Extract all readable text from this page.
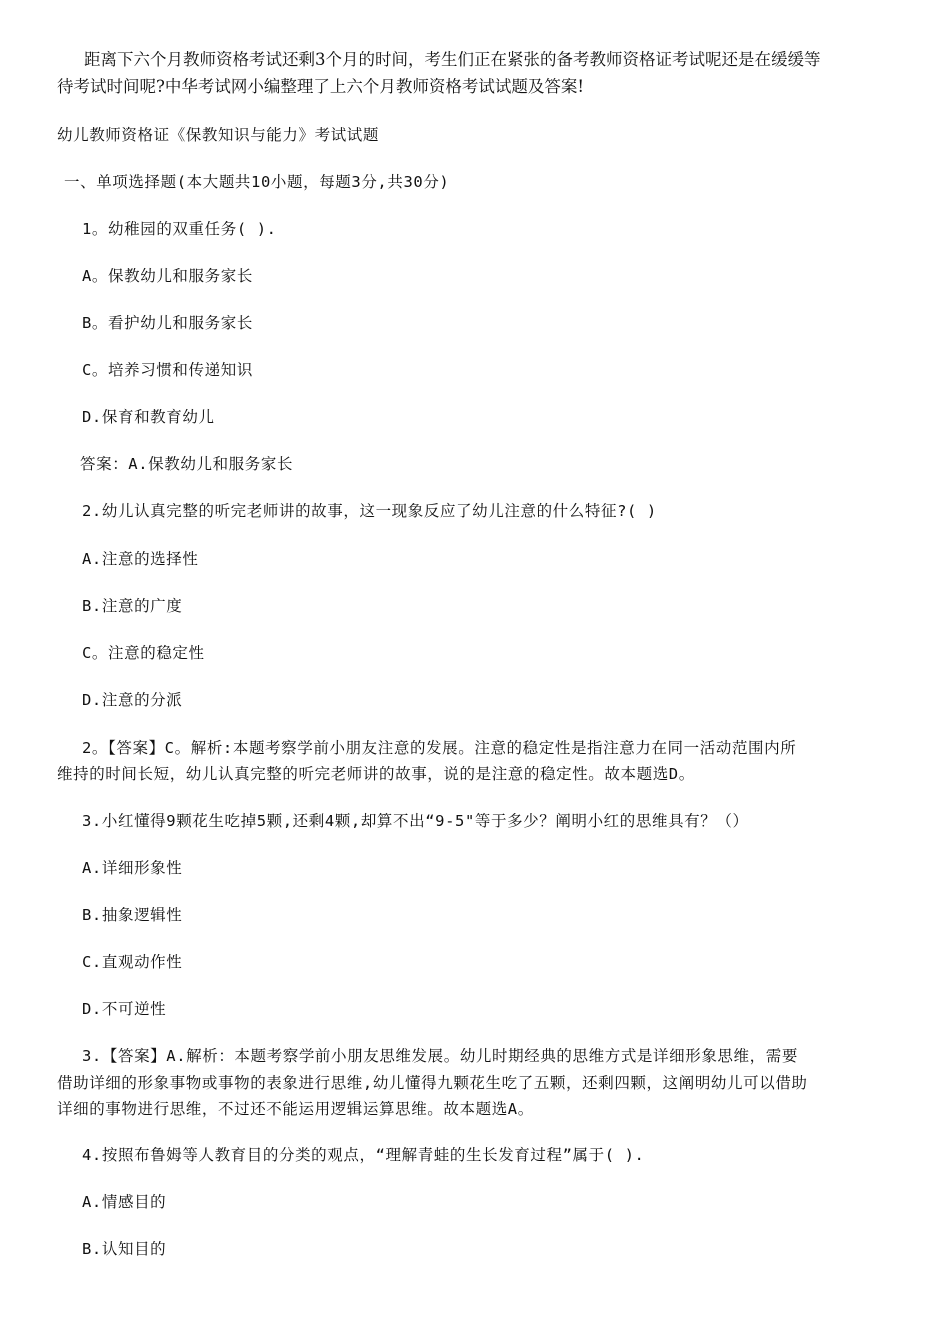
距离下六个月教师资格考试还剩3个月的时间，考生们正在紧张的备考教师资格证考试呢还是在缓缓等
待考试时间呢?中华考试网小编整理了上六个月教师资格考试试题及答案!
幼儿教师资格证《保教知识与能力》考试试题
一、单项选择题(本大题共10小题，每题3分,共30分)
1。幼稚园的双重任务( ).
A。保教幼儿和服务家长
B。看护幼儿和服务家长
C。培养习惯和传递知识
D.保育和教育幼儿
答案：A.保教幼儿和服务家长
2.幼儿认真完整的听完老师讲的故事，这一现象反应了幼儿注意的什么特征?( )
A.注意的选择性
B.注意的广度
C。注意的稳定性
D.注意的分派
2。【答案】C。解析:本题考察学前小朋友注意的发展。注意的稳定性是指注意力在同一活动范围内所
维持的时间长短，幼儿认真完整的听完老师讲的故事，说的是注意的稳定性。故本题选D。
3.小红懂得9颗花生吃掉5颗,还剩4颗,却算不出“9-5"等于多少？阐明小红的思维具有？（）
A.详细形象性
B.抽象逻辑性
C.直观动作性
D.不可逆性
3.【答案】A.解析：本题考察学前小朋友思维发展。幼儿时期经典的思维方式是详细形象思维，需要
借助详细的形象事物或事物的表象进行思维,幼儿懂得九颗花生吃了五颗，还剩四颗，这阐明幼儿可以借助
详细的事物进行思维，不过还不能运用逻辑运算思维。故本题选A。
4.按照布鲁姆等人教育目的分类的观点，“理解青蛙的生长发育过程”属于( ).
A.情感目的
B.认知目的
